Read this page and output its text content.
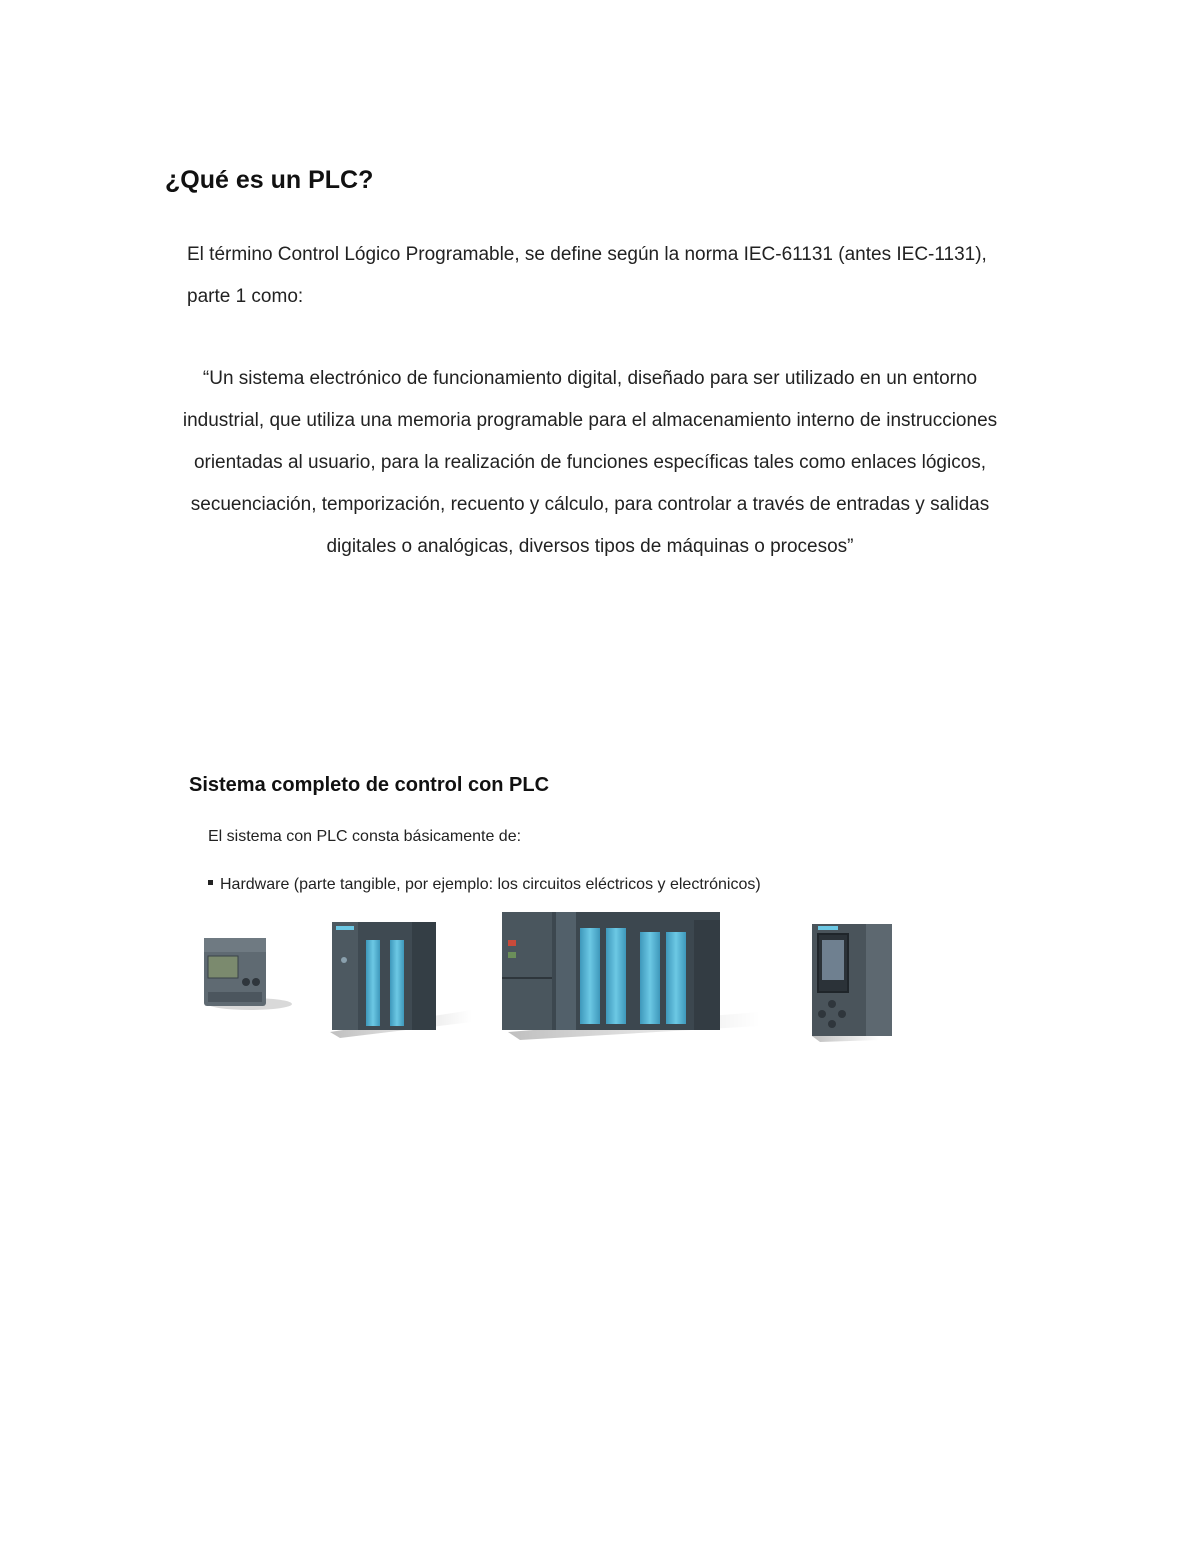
¿Qué es un PLC?
El término Control Lógico Programable, se define según la norma IEC-61131 (antes IEC-1131), parte 1 como:
“Un sistema electrónico de funcionamiento digital, diseñado para ser utilizado en un entorno industrial, que utiliza una memoria programable para el almacenamiento interno de instrucciones orientadas al usuario, para la realización de funciones específicas tales como enlaces lógicos, secuenciación, temporización, recuento y cálculo, para controlar a través de entradas y salidas digitales o analógicas, diversos tipos de máquinas o procesos”
Sistema completo de control con PLC
El sistema con PLC consta básicamente de:
Hardware (parte tangible, por ejemplo: los circuitos eléctricos y electrónicos)
